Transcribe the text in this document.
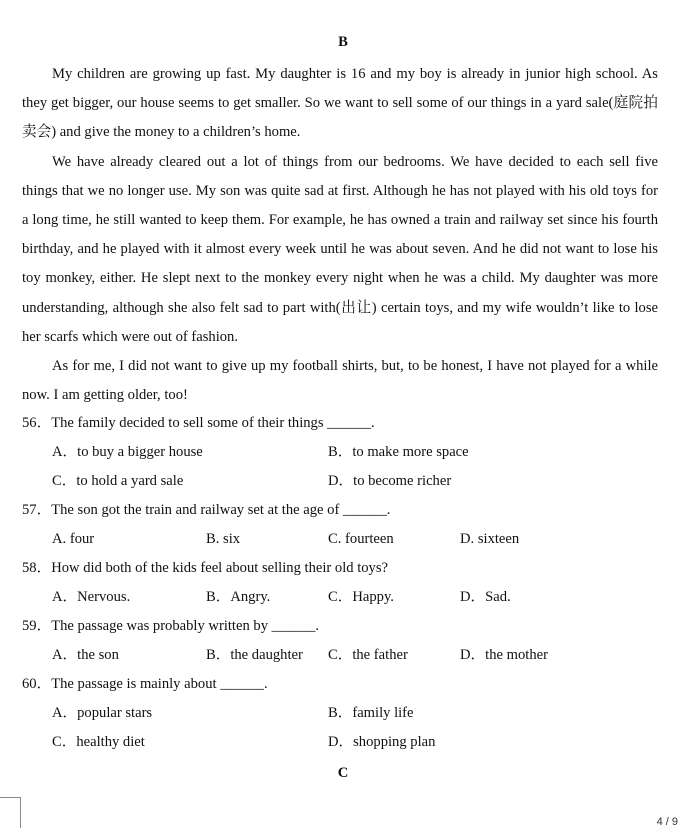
B

My children are growing up fast. My daughter is 16 and my boy is already in junior high school. As they get bigger, our house seems to get smaller. So we want to sell some of our things in a yard sale(庭院拍卖会) and give the money to a children’s home.

We have already cleared out a lot of things from our bedrooms. We have decided to each sell five things that we no longer use. My son was quite sad at first. Although he has not played with his old toys for a long time, he still wanted to keep them. For example, he has owned a train and railway set since his fourth birthday, and he played with it almost every week until he was about seven. And he did not want to lose his toy monkey, either. He slept next to the monkey every night when he was a child. My daughter was more understanding, although she also felt sad to part with(出让) certain toys, and my wife wouldn’t like to lose her scarfs which were out of fashion.

As for me, I did not want to give up my football shirts, but, to be honest, I have not played for a while now. I am getting older, too!

56．The family decided to sell some of their things ______.
A．to buy a bigger house	B．to make more space
C．to hold a yard sale	D．to become richer
57．The son got the train and railway set at the age of ______.
A. four	B. six	C. fourteen	D. sixteen
58．How did both of the kids feel about selling their old toys?
A．Nervous.	B．Angry.	C．Happy.	D．Sad.
59．The passage was probably written by ______.
A．the son	B．the daughter C．the father	D．the mother
60．The passage is mainly about ______.
A．popular stars	B．family life
C．healthy diet	D．shopping plan
C
4 / 9
